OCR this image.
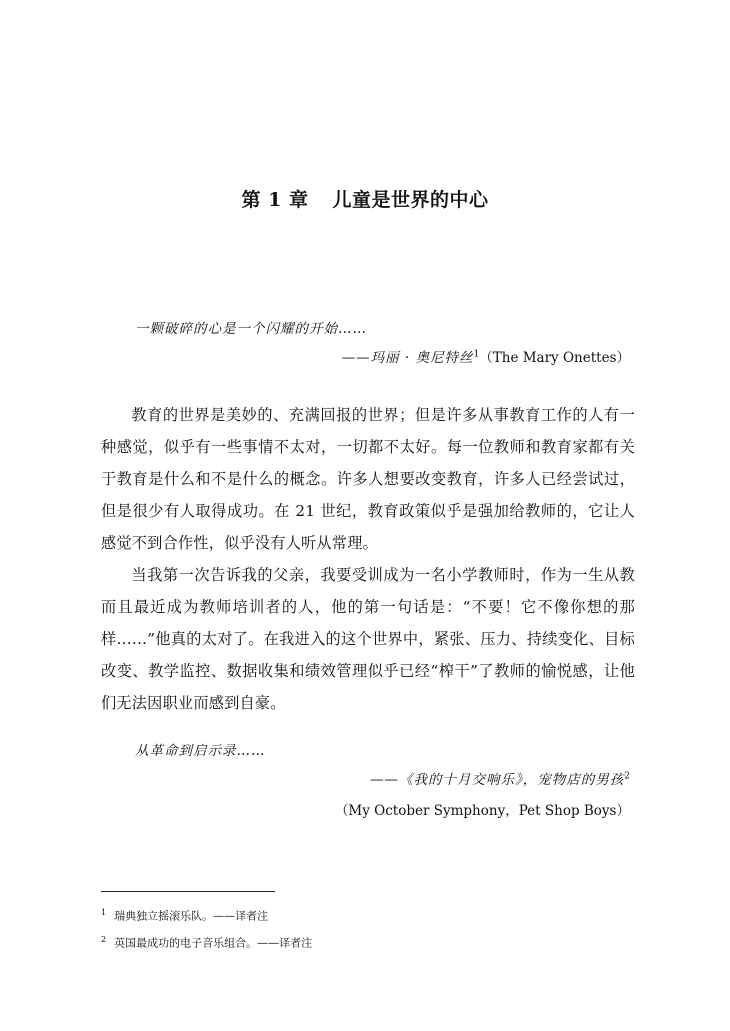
第 1 章 儿童是世界的中心
一颗破碎的心是一个闪耀的开始……
——玛丽 · 奥尼特丝$^1$（The Mary Onettes）

教育的世界是美妙的、充满回报的世界；但是许多从事教育工作的人有一种感觉，似乎有一些事情不太对，一切都不太好。每一位教师和教育家都有关于教育是什么和不是什么的概念。许多人想要改变教育，许多人已经尝试过，但是很少有人取得成功。在 21 世纪，教育政策似乎是强加给教师的，它让人感觉不到合作性，似乎没有人听从常理。

当我第一次告诉我的父亲，我要受训成为一名小学教师时，作为一生从教而且最近成为教师培训者的人，他的第一句话是：“不要！它不像你想的那样……”他真的太对了。在我进入的这个世界中，紧张、压力、持续变化、目标改变、教学监控、数据收集和绩效管理似乎已经“榨干”了教师的愉悦感，让他们无法因职业而感到自豪。

从革命到启示录……
——《我的十月交响乐》，宠物店的男孩$^2$
（My October Symphony，Pet Shop Boys）
$^1$ 瑞典独立摇滚乐队。——译者注
$^2$ 英国最成功的电子音乐组合。——译者注
